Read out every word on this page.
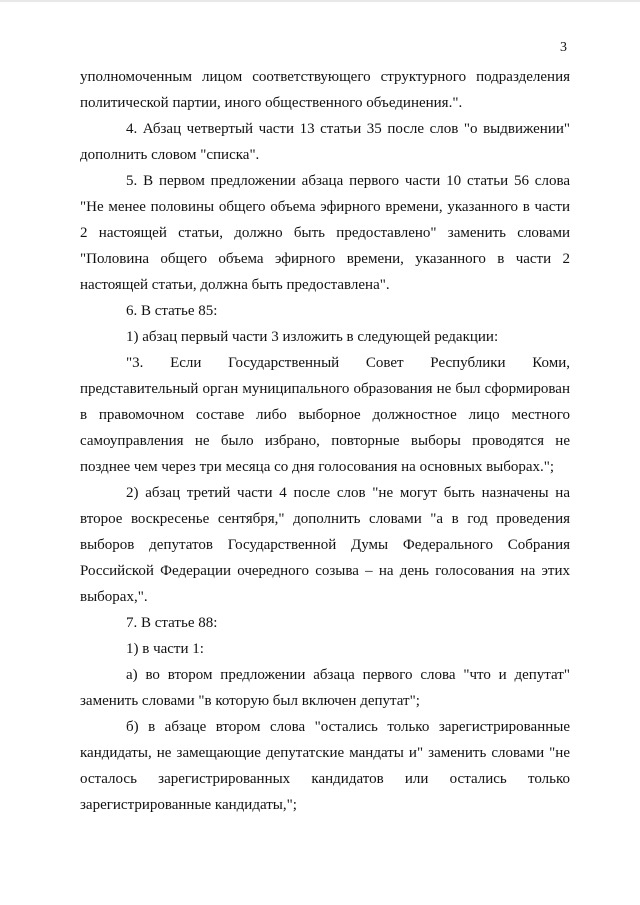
3

уполномоченным лицом соответствующего структурного подразделения политической партии, иного общественного объединения.".

4. Абзац четвертый части 13 статьи 35 после слов "о выдвижении" дополнить словом "списка".

5. В первом предложении абзаца первого части 10 статьи 56 слова "Не менее половины общего объема эфирного времени, указанного в части 2 настоящей статьи, должно быть предоставлено" заменить словами "Половина общего объема эфирного времени, указанного в части 2 настоящей статьи, должна быть предоставлена".

6. В статье 85:

1) абзац первый части 3 изложить в следующей редакции:

"3. Если Государственный Совет Республики Коми, представительный орган муниципального образования не был сформирован в правомочном составе либо выборное должностное лицо местного самоуправления не было избрано, повторные выборы проводятся не позднее чем через три месяца со дня голосования на основных выборах.";

2) абзац третий части 4 после слов "не могут быть назначены на второе воскресенье сентября," дополнить словами "а в год проведения выборов депутатов Государственной Думы Федерального Собрания Российской Федерации очередного созыва – на день голосования на этих выборах,".

7. В статье 88:

1) в части 1:

а) во втором предложении абзаца первого слова "что и депутат" заменить словами "в которую был включен депутат";

б) в абзаце втором слова "остались только зарегистрированные кандидаты, не замещающие депутатские мандаты и" заменить словами "не осталось зарегистрированных кандидатов или остались только зарегистрированные кандидаты,";
